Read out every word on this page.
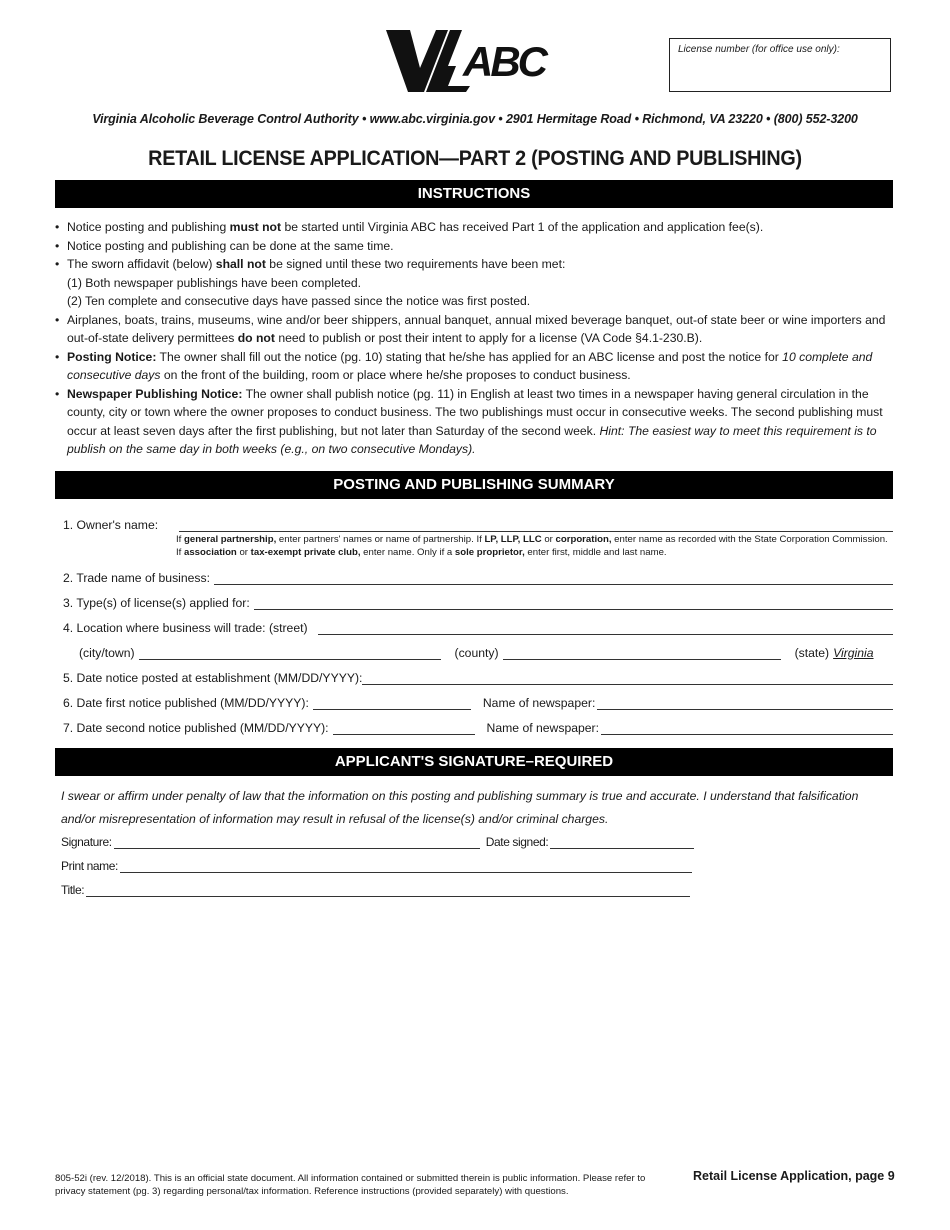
ABC	License number (for office use only):
Virginia Alcoholic Beverage Control Authority • www.abc.virginia.gov • 2901 Hermitage Road • Richmond, VA 23220 • (800) 552-3200
RETAIL LICENSE APPLICATION—PART 2 (POSTING AND PUBLISHING)
INSTRUCTIONS
• Notice posting and publishing must not be started until Virginia ABC has received Part 1 of the application and application fee(s).
• Notice posting and publishing can be done at the same time.
• The sworn affidavit (below) shall not be signed until these two requirements have been met:
(1) Both newspaper publishings have been completed.
(2) Ten complete and consecutive days have passed since the notice was first posted.
• Airplanes, boats, trains, museums, wine and/or beer shippers, annual banquet, annual mixed beverage banquet, out-of state beer or wine importers and out-of-state delivery permittees do not need to publish or post their intent to apply for a license (VA Code §4.1-230.B).
• Posting Notice: The owner shall fill out the notice (pg. 10) stating that he/she has applied for an ABC license and post the notice for 10 complete and consecutive days on the front of the building, room or place where he/she proposes to conduct business.
• Newspaper Publishing Notice: The owner shall publish notice (pg. 11) in English at least two times in a newspaper having general circulation in the county, city or town where the owner proposes to conduct business. The two publishings must occur in consecutive weeks. The second publishing must occur at least seven days after the first publishing, but not later than Saturday of the second week. Hint: The easiest way to meet this requirement is to publish on the same day in both weeks (e.g., on two consecutive Mondays).
POSTING AND PUBLISHING SUMMARY
1. Owner's name:
If general partnership, enter partners' names or name of partnership. If LP, LLP, LLC or corporation, enter name as recorded with the State Corporation Commission. If association or tax-exempt private club, enter name. Only if a sole proprietor, enter first, middle and last name.
2. Trade name of business:
3. Type(s) of license(s) applied for:
4. Location where business will trade: (street)
(city/town)	(county)	(state) Virginia
5. Date notice posted at establishment (MM/DD/YYYY):
6. Date first notice published (MM/DD/YYYY):	Name of newspaper:
7. Date second notice published (MM/DD/YYYY):	Name of newspaper:
APPLICANT'S SIGNATURE–REQUIRED
I swear or affirm under penalty of law that the information on this posting and publishing summary is true and accurate. I understand that falsification and/or misrepresentation of information may result in refusal of the license(s) and/or criminal charges.
Signature:	Date signed:
Print name:
Title:
805-52i (rev. 12/2018). This is an official state document. All information contained or submitted therein is public information. Please refer to privacy statement (pg. 3) regarding personal/tax information. Reference instructions (provided separately) with questions.
Retail License Application, page 9
